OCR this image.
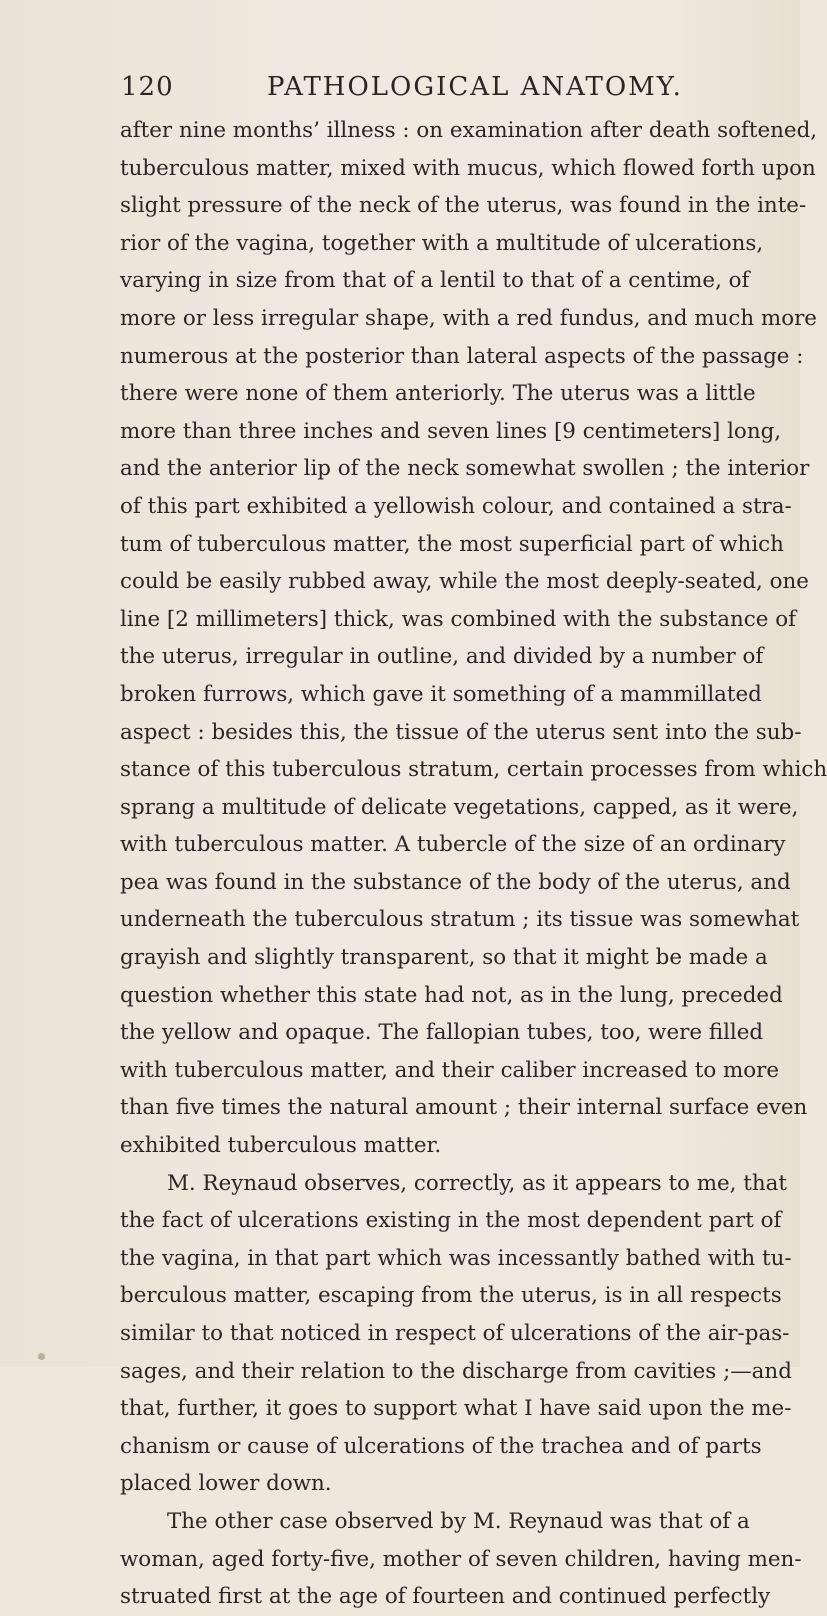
120	PATHOLOGICAL ANATOMY.
after nine months’ illness : on examination after death softened,
tuberculous matter, mixed with mucus, which flowed forth upon
slight pressure of the neck of the uterus, was found in the inte-
rior of the vagina, together with a multitude of ulcerations,
varying in size from that of a lentil to that of a centime, of
more or less irregular shape, with a red fundus, and much more
numerous at the posterior than lateral aspects of the passage :
there were none of them anteriorly. The uterus was a little
more than three inches and seven lines [9 centimeters] long,
and the anterior lip of the neck somewhat swollen ; the interior
of this part exhibited a yellowish colour, and contained a stra-
tum of tuberculous matter, the most superficial part of which
could be easily rubbed away, while the most deeply-seated, one
line [2 millimeters] thick, was combined with the substance of
the uterus, irregular in outline, and divided by a number of
broken furrows, which gave it something of a mammillated
aspect : besides this, the tissue of the uterus sent into the sub-
stance of this tuberculous stratum, certain processes from which
sprang a multitude of delicate vegetations, capped, as it were,
with tuberculous matter. A tubercle of the size of an ordinary
pea was found in the substance of the body of the uterus, and
underneath the tuberculous stratum ; its tissue was somewhat
grayish and slightly transparent, so that it might be made a
question whether this state had not, as in the lung, preceded
the yellow and opaque. The fallopian tubes, too, were filled
with tuberculous matter, and their caliber increased to more
than five times the natural amount ; their internal surface even
exhibited tuberculous matter.
M. Reynaud observes, correctly, as it appears to me, that
the fact of ulcerations existing in the most dependent part of
the vagina, in that part which was incessantly bathed with tu-
berculous matter, escaping from the uterus, is in all respects
similar to that noticed in respect of ulcerations of the air-pas-
sages, and their relation to the discharge from cavities ;—and
that, further, it goes to support what I have said upon the me-
chanism or cause of ulcerations of the trachea and of parts
placed lower down.
The other case observed by M. Reynaud was that of a
woman, aged forty-five, mother of seven children, having men-
struated first at the age of fourteen and continued perfectly
